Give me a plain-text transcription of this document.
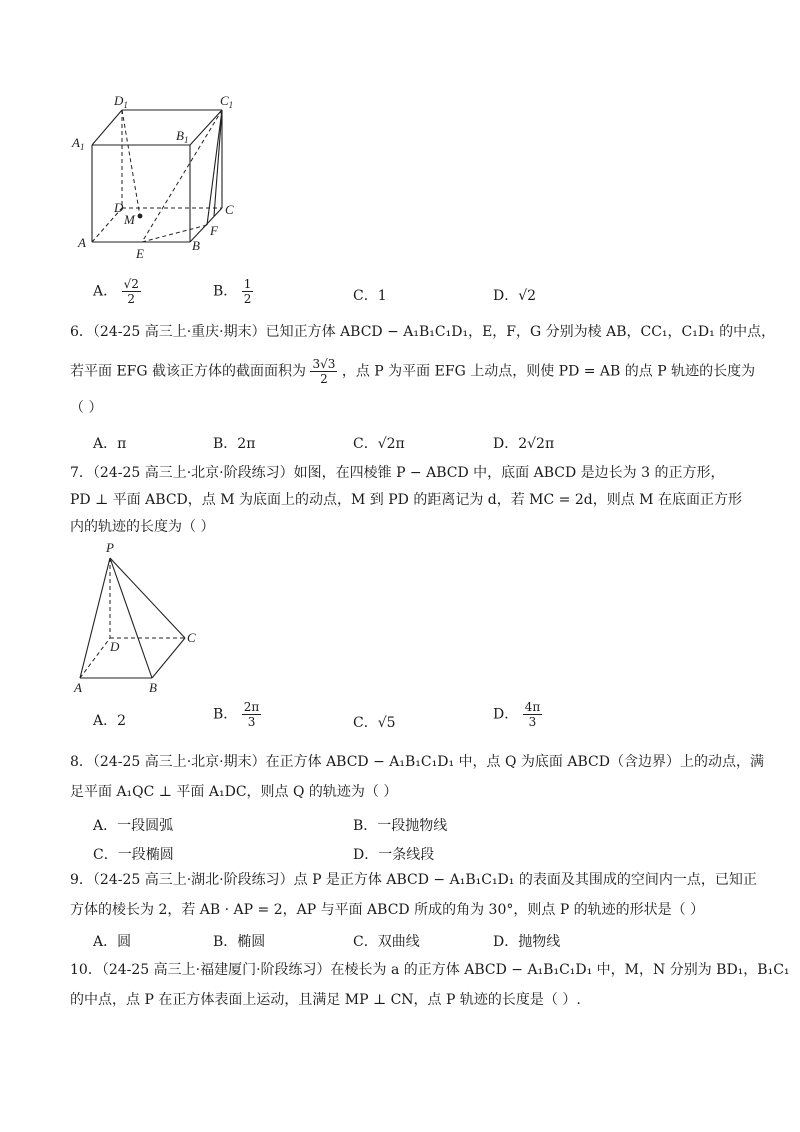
$D_1$	$C_1$
$A_1$
$B_1$
D
M
C
A
E
B
F
A． $\frac{√2}{2}$	B． $\frac{1}{2}$	C．1	D．√2
6．（24-25 高三上·重庆·期末）已知正方体 ABCD − A₁B₁C₁D₁，E，F，G 分别为棱 AB，CC₁，C₁D₁ 的中点，
若平面 EFG 截该正方体的截面面积为 $\frac{3√3}{2}$ ，点 P 为平面 EFG 上动点，则使 PD = AB 的点 P 轨迹的长度为
（ ）
A．π	B．2π	C．√2π	D．2√2π
7．（24-25 高三上·北京·阶段练习）如图，在四棱锥 P − ABCD 中，底面 ABCD 是边长为 3 的正方形，
PD ⊥ 平面 ABCD，点 M 为底面上的动点，M 到 PD 的距离记为 d，若 MC = 2d，则点 M 在底面正方形
内的轨迹的长度为（ ）
P
D
C
A	B
A．2	B． $\frac{2\pi}{3}$	C．√5
D． $\frac{4\pi}{3}$
8．（24-25 高三上·北京·期末）在正方体 ABCD − A₁B₁C₁D₁ 中，点 Q 为底面 ABCD（含边界）上的动点，满
足平面 A₁QC ⊥ 平面 A₁DC，则点 Q 的轨迹为（ ）
A．一段圆弧	B．一段抛物线
C．一段椭圆	D．一条线段
9．（24-25 高三上·湖北·阶段练习）点 P 是正方体 ABCD − A₁B₁C₁D₁ 的表面及其围成的空间内一点，已知正
方体的棱长为 2，若 AB · AP = 2，AP 与平面 ABCD 所成的角为 30°，则点 P 的轨迹的形状是（ ）
A．圆	B．椭圆	C．双曲线	D．抛物线
10．（24-25 高三上·福建厦门·阶段练习）在棱长为 a 的正方体 ABCD − A₁B₁C₁D₁ 中，M，N 分别为 BD₁，B₁C₁
的中点，点 P 在正方体表面上运动，且满足 MP ⊥ CN，点 P 轨迹的长度是（ ）.
